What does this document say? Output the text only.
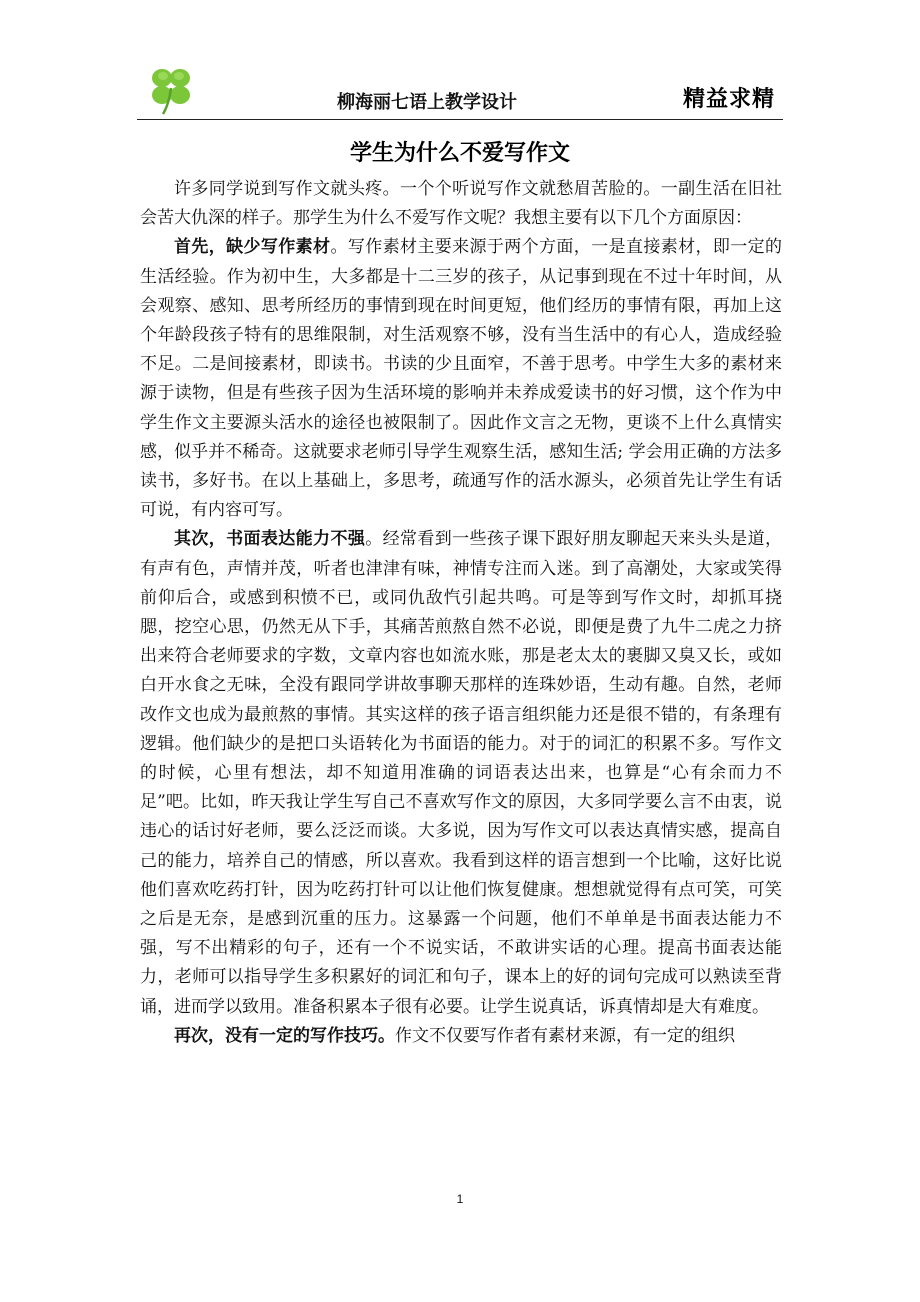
柳海丽七语上教学设计	精益求精
学生为什么不爱写作文

许多同学说到写作文就头疼。一个个听说写作文就愁眉苦脸的。一副生活在旧社会苦大仇深的样子。那学生为什么不爱写作文呢？我想主要有以下几个方面原因：

首先，缺少写作素材。写作素材主要来源于两个方面，一是直接素材，即一定的生活经验。作为初中生，大多都是十二三岁的孩子，从记事到现在不过十年时间，从会观察、感知、思考所经历的事情到现在时间更短，他们经历的事情有限，再加上这个年龄段孩子特有的思维限制，对生活观察不够，没有当生活中的有心人，造成经验不足。二是间接素材，即读书。书读的少且面窄，不善于思考。中学生大多的素材来源于读物，但是有些孩子因为生活环境的影响并未养成爱读书的好习惯，这个作为中学生作文主要源头活水的途径也被限制了。因此作文言之无物，更谈不上什么真情实感，似乎并不稀奇。这就要求老师引导学生观察生活，感知生活; 学会用正确的方法多读书，多好书。在以上基础上，多思考，疏通写作的活水源头，必须首先让学生有话可说，有内容可写。

其次，书面表达能力不强。经常看到一些孩子课下跟好朋友聊起天来头头是道，有声有色，声情并茂，听者也津津有味，神情专注而入迷。到了高潮处，大家或笑得前仰后合，或感到积愤不已，或同仇敌忾引起共鸣。可是等到写作文时，却抓耳挠腮，挖空心思，仍然无从下手，其痛苦煎熬自然不必说，即便是费了九牛二虎之力挤出来符合老师要求的字数，文章内容也如流水账，那是老太太的裹脚又臭又长，或如白开水食之无味，全没有跟同学讲故事聊天那样的连珠妙语，生动有趣。自然，老师改作文也成为最煎熬的事情。其实这样的孩子语言组织能力还是很不错的，有条理有逻辑。他们缺少的是把口头语转化为书面语的能力。对于的词汇的积累不多。写作文的时候，心里有想法，却不知道用准确的词语表达出来，也算是“心有余而力不足”吧。比如，昨天我让学生写自己不喜欢写作文的原因，大多同学要么言不由衷，说违心的话讨好老师，要么泛泛而谈。大多说，因为写作文可以表达真情实感，提高自己的能力，培养自己的情感，所以喜欢。我看到这样的语言想到一个比喻，这好比说他们喜欢吃药打针，因为吃药打针可以让他们恢复健康。想想就觉得有点可笑，可笑之后是无奈，是感到沉重的压力。这暴露一个问题，他们不单单是书面表达能力不强，写不出精彩的句子，还有一个不说实话，不敢讲实话的心理。提高书面表达能力，老师可以指导学生多积累好的词汇和句子，课本上的好的词句完成可以熟读至背诵，进而学以致用。准备积累本子很有必要。让学生说真话，诉真情却是大有难度。

再次，没有一定的写作技巧。作文不仅要写作者有素材来源，有一定的组织

1
